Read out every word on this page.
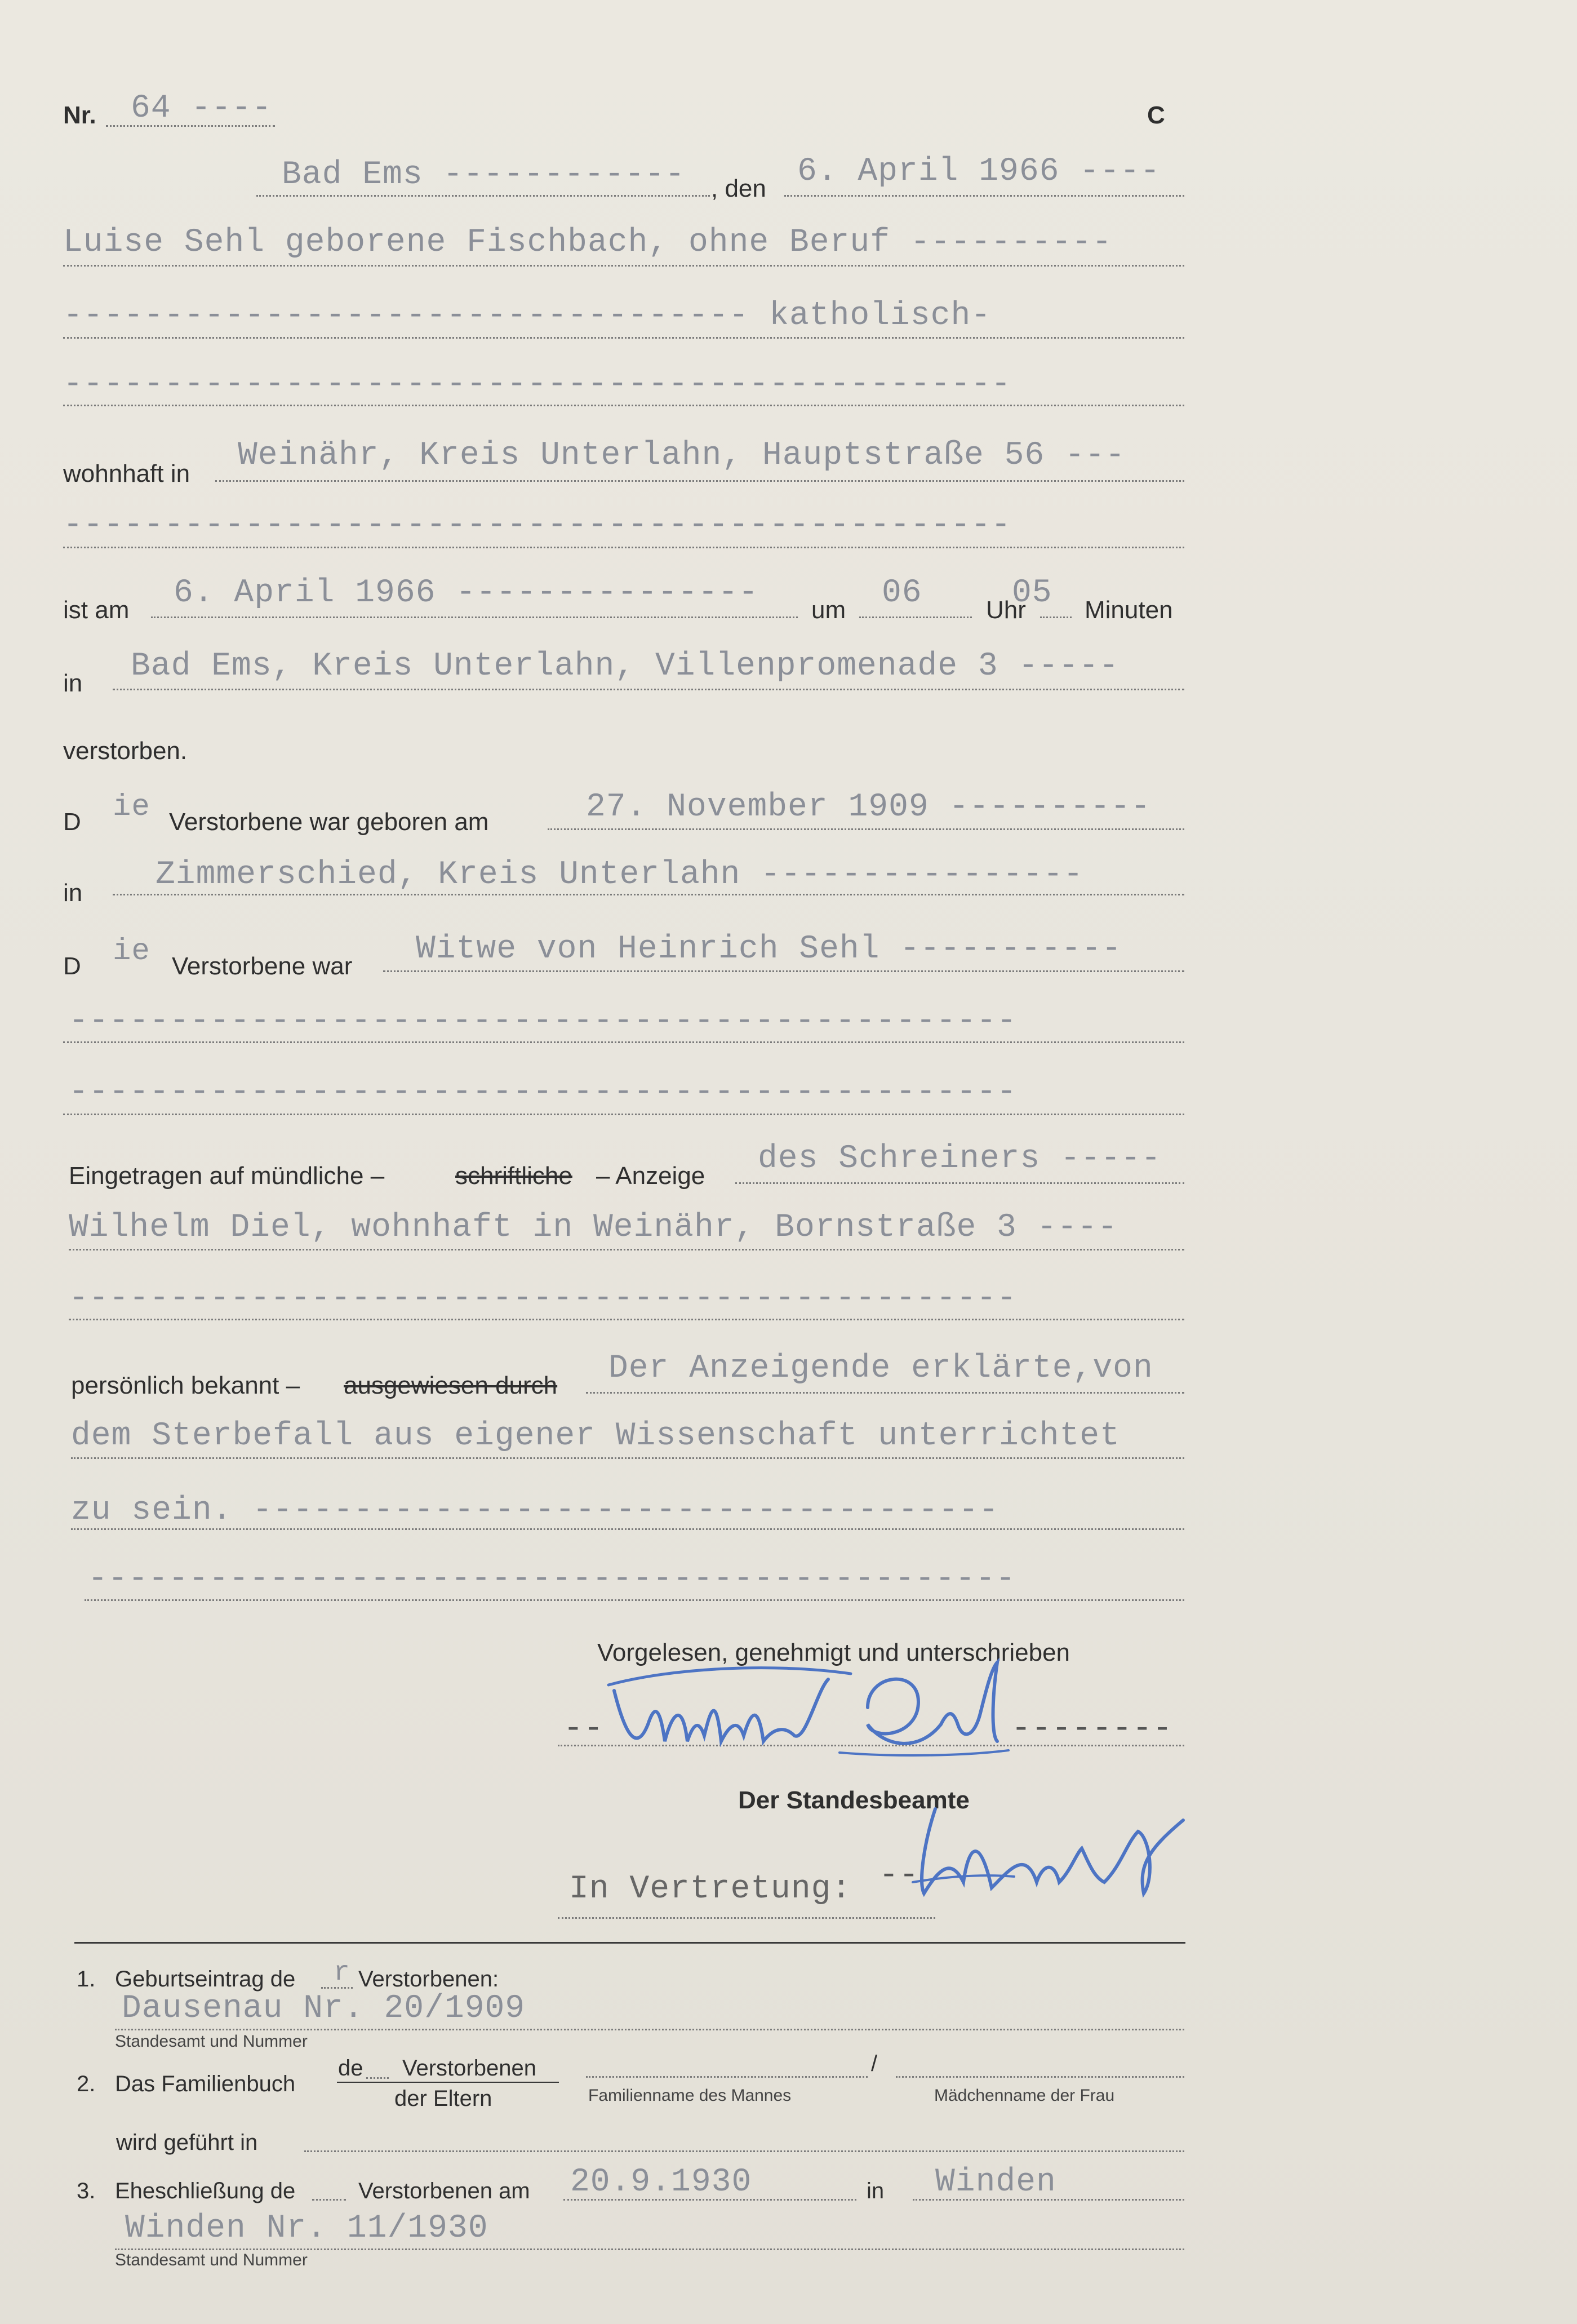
Nr. 64 ----	C
Bad Ems ------------ , den 6. April 1966 ----
Luise Sehl geborene Fischbach, ohne Beruf ----------
---------------------------------- katholisch-
-----------------------------------------------
wohnhaft in Weinähr, Kreis Unterlahn, Hauptstraße 56 ---
-----------------------------------------------
ist am 6. April 1966 --------------- um 06	Uhr
05 Minuten
in Bad Ems, Kreis Unterlahn, Villenpromenade 3 -----
verstorben.
D ie Verstorbene war geboren am	27. November 1909 ----------
in Zimmerschied, Kreis Unterlahn ----------------
D ie Verstorbene war Witwe von Heinrich Sehl -----------
-----------------------------------------------
-----------------------------------------------
Eingetragen auf mündliche –	schriftliche – Anzeige des Schreiners -----
Wilhelm Diel, wohnhaft in Weinähr, Bornstraße 3 ----
-----------------------------------------------
persönlich bekannt – ausgewiesen durch Der Anzeigende erklärte,von
dem Sterbefall aus eigener Wissenschaft unterrichtet
zu sein. -------------------------------------
----------------------------------------------
Vorgelesen, genehmigt und unterschrieben
--	--------
Der Standesbeamte
In Vertretung: --
1. Geburtseintrag de r Verstorbenen:
Dausenau Nr. 20/1909
Standesamt und Nummer
2. Das Familienbuch
de Verstorbenen
der Eltern	Familienname des Mannes
/
Mädchenname der Frau
wird geführt in
3. Eheschließung de	Verstorbenen am 20.9.1930	in Winden
Winden Nr. 11/1930
Standesamt und Nummer
